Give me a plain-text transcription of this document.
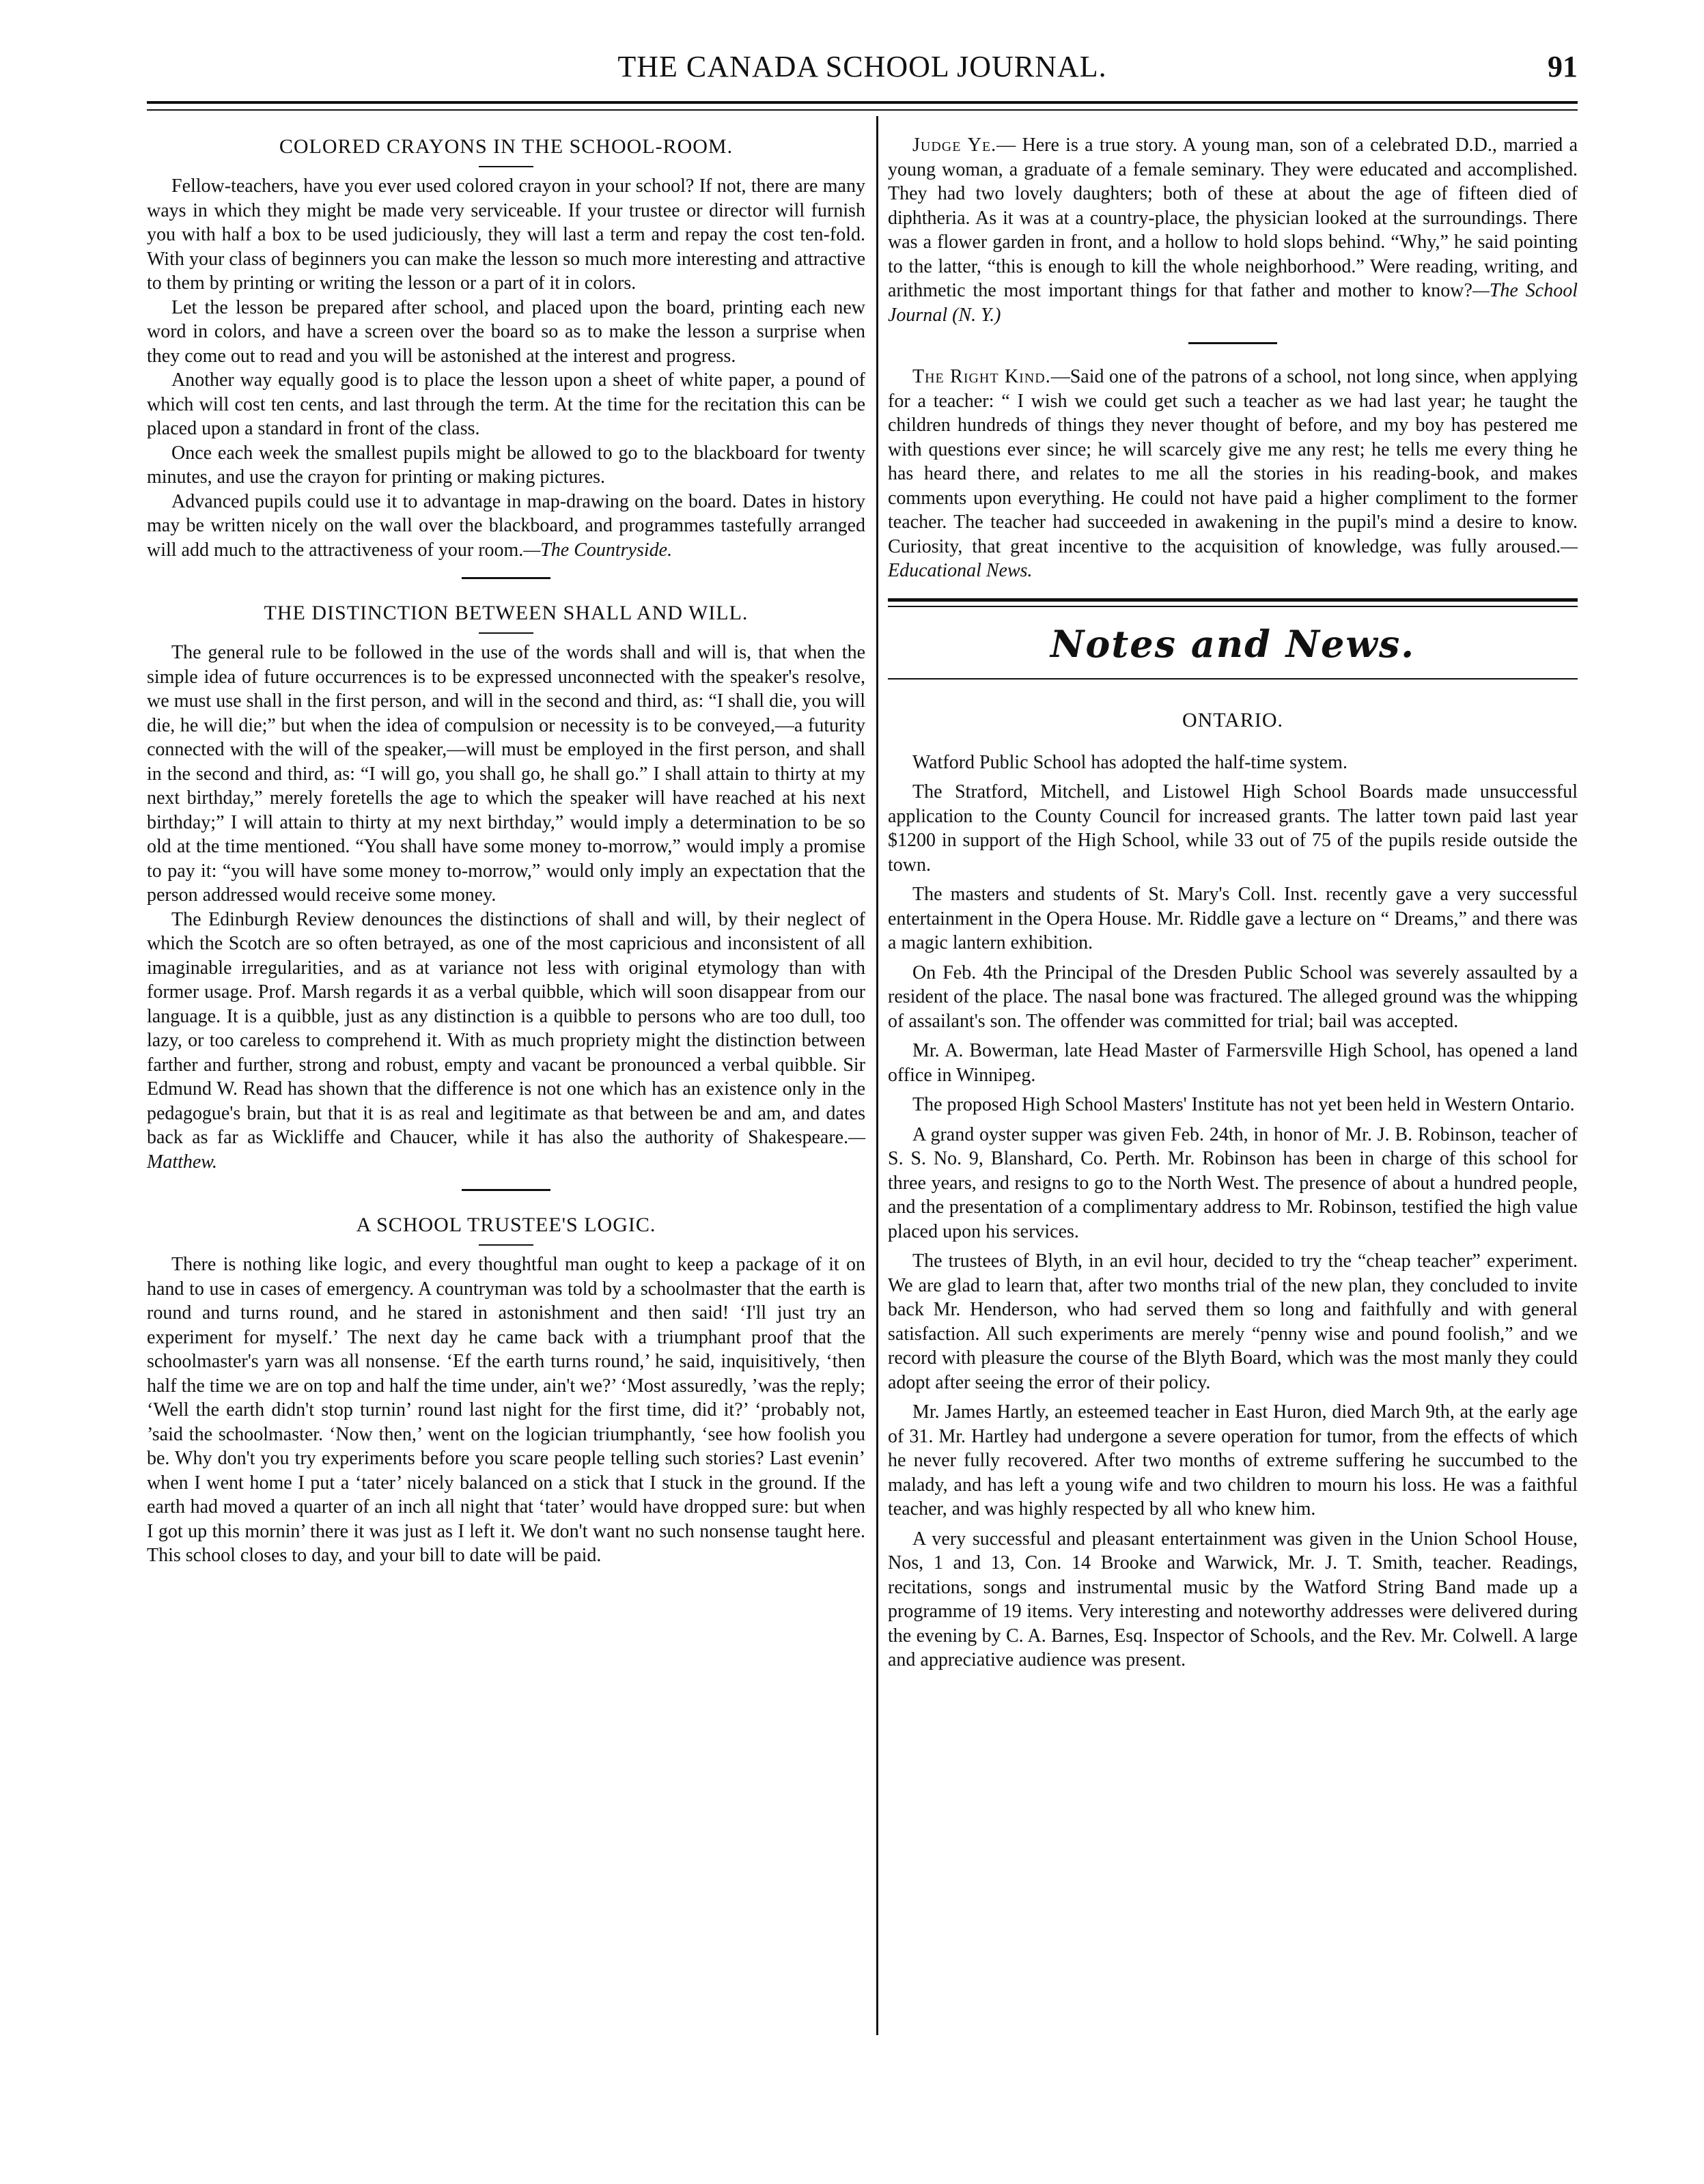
THE CANADA SCHOOL JOURNAL.	91
COLORED CRAYONS IN THE SCHOOL-ROOM.

Fellow-teachers, have you ever used colored crayon in your school? If not, there are many ways in which they might be made very serviceable. If your trustee or director will furnish you with half a box to be used judiciously, they will last a term and repay the cost ten-fold. With your class of beginners you can make the lesson so much more interesting and attractive to them by printing or writing the lesson or a part of it in colors.

Let the lesson be prepared after school, and placed upon the board, printing each new word in colors, and have a screen over the board so as to make the lesson a surprise when they come out to read and you will be astonished at the interest and progress.

Another way equally good is to place the lesson upon a sheet of white paper, a pound of which will cost ten cents, and last through the term. At the time for the recitation this can be placed upon a standard in front of the class.

Once each week the smallest pupils might be allowed to go to the blackboard for twenty minutes, and use the crayon for printing or making pictures.

Advanced pupils could use it to advantage in map-drawing on the board. Dates in history may be written nicely on the wall over the blackboard, and programmes tastefully arranged will add much to the attractiveness of your room.—The Countryside.

THE DISTINCTION BETWEEN SHALL AND WILL.

The general rule to be followed in the use of the words shall and will is, that when the simple idea of future occurrences is to be expressed unconnected with the speaker's resolve, we must use shall in the first person, and will in the second and third, as: “I shall die, you will die, he will die;” but when the idea of compulsion or necessity is to be conveyed,—a futurity connected with the will of the speaker,—will must be employed in the first person, and shall in the second and third, as: “I will go, you shall go, he shall go.” I shall attain to thirty at my next birthday,” merely foretells the age to which the speaker will have reached at his next birthday;” I will attain to thirty at my next birthday,” would imply a determination to be so old at the time mentioned. “You shall have some money to-morrow,” would imply a promise to pay it: “you will have some money to-morrow,” would only imply an expectation that the person addressed would receive some money.

The Edinburgh Review denounces the distinctions of shall and will, by their neglect of which the Scotch are so often betrayed, as one of the most capricious and inconsistent of all imaginable irregularities, and as at variance not less with original etymology than with former usage. Prof. Marsh regards it as a verbal quibble, which will soon disappear from our language. It is a quibble, just as any distinction is a quibble to persons who are too dull, too lazy, or too careless to comprehend it. With as much propriety might the distinction between farther and further, strong and robust, empty and vacant be pronounced a verbal quibble. Sir Edmund W. Read has shown that the difference is not one which has an existence only in the pedagogue's brain, but that it is as real and legitimate as that between be and am, and dates back as far as Wickliffe and Chaucer, while it has also the authority of Shakespeare.—Matthew.

A SCHOOL TRUSTEE'S LOGIC.

There is nothing like logic, and every thoughtful man ought to keep a package of it on hand to use in cases of emergency. A countryman was told by a schoolmaster that the earth is round and turns round, and he stared in astonishment and then said! ‘I'll just try an experiment for myself.’ The next day he came back with a triumphant proof that the schoolmaster's yarn was all nonsense. ‘Ef the earth turns round,’ he said, inquisitively, ‘then half the time we are on top and half the time under, ain't we?’ ‘Most assuredly, ’was the reply; ‘Well the earth didn't stop turnin’ round last night for the first time, did it?’ ‘probably not, ’said the schoolmaster. ‘Now then,’ went on the logician triumphantly, ‘see how foolish you be. Why don't you try experiments before you scare people telling such stories? Last evenin’ when I went home I put a ‘tater’ nicely balanced on a stick that I stuck in the ground. If the earth had moved a quarter of an inch all night that ‘tater’ would have dropped sure: but when I got up this mornin’ there it was just as I left it. We don't want no such nonsense taught here. This school closes to day, and your bill to date will be paid.

Judge Ye.— Here is a true story. A young man, son of a celebrated D.D., married a young woman, a graduate of a female seminary. They were educated and accomplished. They had two lovely daughters; both of these at about the age of fifteen died of diphtheria. As it was at a country-place, the physician looked at the surroundings. There was a flower garden in front, and a hollow to hold slops behind. “Why,” he said pointing to the latter, “this is enough to kill the whole neighborhood.” Were reading, writing, and arithmetic the most important things for that father and mother to know?—The School Journal (N. Y.)

The Right Kind.—Said one of the patrons of a school, not long since, when applying for a teacher: “ I wish we could get such a teacher as we had last year; he taught the children hundreds of things they never thought of before, and my boy has pestered me with questions ever since; he will scarcely give me any rest; he tells me every thing he has heard there, and relates to me all the stories in his reading-book, and makes comments upon everything. He could not have paid a higher compliment to the former teacher. The teacher had succeeded in awakening in the pupil's mind a desire to know. Curiosity, that great incentive to the acquisition of knowledge, was fully aroused.—Educational News.

Notes and News.
ONTARIO.

Watford Public School has adopted the half-time system.

The Stratford, Mitchell, and Listowel High School Boards made unsuccessful application to the County Council for increased grants. The latter town paid last year $1200 in support of the High School, while 33 out of 75 of the pupils reside outside the town.

The masters and students of St. Mary's Coll. Inst. recently gave a very successful entertainment in the Opera House. Mr. Riddle gave a lecture on “ Dreams,” and there was a magic lantern exhibition.

On Feb. 4th the Principal of the Dresden Public School was severely assaulted by a resident of the place. The nasal bone was fractured. The alleged ground was the whipping of assailant's son. The offender was committed for trial; bail was accepted.

Mr. A. Bowerman, late Head Master of Farmersville High School, has opened a land office in Winnipeg.

The proposed High School Masters' Institute has not yet been held in Western Ontario.

A grand oyster supper was given Feb. 24th, in honor of Mr. J. B. Robinson, teacher of S. S. No. 9, Blanshard, Co. Perth. Mr. Robinson has been in charge of this school for three years, and resigns to go to the North West. The presence of about a hundred people, and the presentation of a complimentary address to Mr. Robinson, testified the high value placed upon his services.

The trustees of Blyth, in an evil hour, decided to try the “cheap teacher” experiment. We are glad to learn that, after two months trial of the new plan, they concluded to invite back Mr. Henderson, who had served them so long and faithfully and with general satisfaction. All such experiments are merely “penny wise and pound foolish,” and we record with pleasure the course of the Blyth Board, which was the most manly they could adopt after seeing the error of their policy.

Mr. James Hartly, an esteemed teacher in East Huron, died March 9th, at the early age of 31. Mr. Hartley had undergone a severe operation for tumor, from the effects of which he never fully recovered. After two months of extreme suffering he succumbed to the malady, and has left a young wife and two children to mourn his loss. He was a faithful teacher, and was highly respected by all who knew him.

A very successful and pleasant entertainment was given in the Union School House, Nos, 1 and 13, Con. 14 Brooke and Warwick, Mr. J. T. Smith, teacher. Readings, recitations, songs and instrumental music by the Watford String Band made up a programme of 19 items. Very interesting and noteworthy addresses were delivered during the evening by C. A. Barnes, Esq. Inspector of Schools, and the Rev. Mr. Colwell. A large and appreciative audience was present.
